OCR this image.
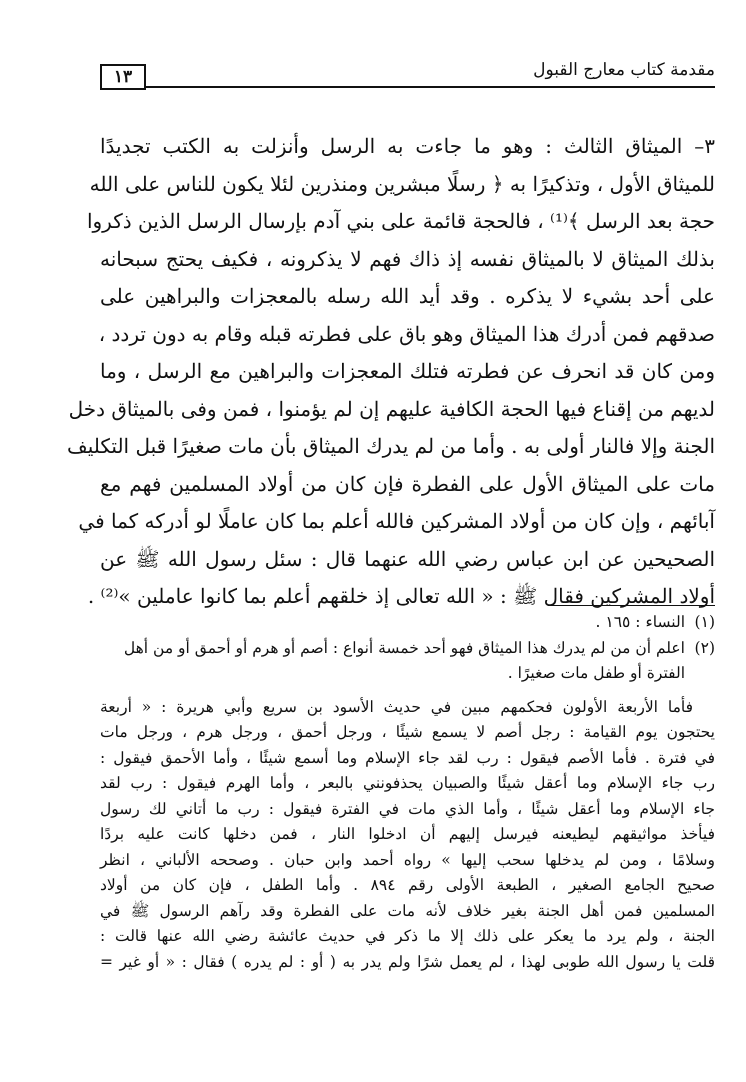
١٣	مقدمة كتاب معارج القبول
٣– الميثاق الثالث : وهو ما جاءت به الرسل وأنزلت به الكتب تجديدًا
للميثاق الأول ، وتذكيرًا به ﴿ رسلًا مبشرين ومنذرين لئلا يكون للناس على الله
حجة بعد الرسل ﴾⁽¹⁾ ، فالحجة قائمة على بني آدم بإرسال الرسل الذين ذكروا
بذلك الميثاق لا بالميثاق نفسه إذ ذاك فهم لا يذكرونه ، فكيف يحتج سبحانه
على أحد بشيء لا يذكره . وقد أيد الله رسله بالمعجزات والبراهين على
صدقهم فمن أدرك هذا الميثاق وهو باق على فطرته قبله وقام به دون تردد ،
ومن كان قد انحرف عن فطرته فتلك المعجزات والبراهين مع الرسل ، وما
لديهم من إقناع فيها الحجة الكافية عليهم إن لم يؤمنوا ، فمن وفى بالميثاق دخل
الجنة وإلا فالنار أولى به . وأما من لم يدرك الميثاق بأن مات صغيرًا قبل التكليف
مات على الميثاق الأول على الفطرة فإن كان من أولاد المسلمين فهم مع
آبائهم ، وإن كان من أولاد المشركين فالله أعلم بما كان عاملًا لو أدركه كما في
الصحيحين عن ابن عباس رضي الله عنهما قال : سئل رسول الله ﷺ عن
أولاد المشركين فقال ﷺ : « الله تعالى إذ خلقهم أعلم بما كانوا عاملين »⁽²⁾ .
(١)
النساء : ١٦٥ .
(٢)
اعلم أن من لم يدرك هذا الميثاق فهو أحد خمسة أنواع : أصم أو هرم أو أحمق أو من أهل
الفترة أو طفل مات صغيرًا .
فأما الأربعة الأولون فحكمهم مبين في حديث الأسود بن سريع وأبي هريرة : « أربعة
يحتجون يوم القيامة : رجل أصم لا يسمع شيئًا ، ورجل أحمق ، ورجل هرم ، ورجل مات
في فترة . فأما الأصم فيقول : رب لقد جاء الإسلام وما أسمع شيئًا ، وأما الأحمق فيقول :
رب جاء الإسلام وما أعقل شيئًا والصبيان يحذفونني بالبعر ، وأما الهرم فيقول : رب لقد
جاء الإسلام وما أعقل شيئًا ، وأما الذي مات في الفترة فيقول : رب ما أتاني لك رسول
فيأخذ مواثيقهم ليطيعنه فيرسل إليهم أن ادخلوا النار ، فمن دخلها كانت عليه بردًا
وسلامًا ، ومن لم يدخلها سحب إليها » رواه أحمد وابن حبان . وصححه الألباني ، انظر
صحيح الجامع الصغير ، الطبعة الأولى رقم ٨٩٤ . وأما الطفل ، فإن كان من أولاد
المسلمين فمن أهل الجنة بغير خلاف لأنه مات على الفطرة وقد رآهم الرسول ﷺ في
الجنة ، ولم يرد ما يعكر على ذلك إلا ما ذكر في حديث عائشة رضي الله عنها قالت :
قلت يا رسول الله طوبى لهذا ، لم يعمل شرًا ولم يدر به ( أو : لم يدره ) فقال : « أو غير =
